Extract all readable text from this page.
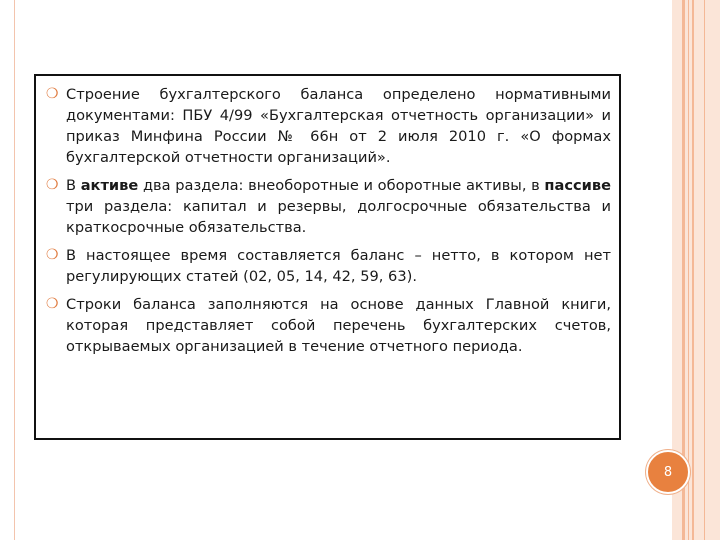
❍ Строение бухгалтерского баланса определено нормативными документами: ПБУ 4/99 «Бухгалтерская отчетность организации» и приказ Минфина России № 66н от 2 июля 2010 г. «О формах бухгалтерской отчетности организаций».
❍ В активе два раздела: внеоборотные и оборотные активы, в пассиве три раздела: капитал и резервы, долгосрочные обязательства и краткосрочные обязательства.
❍ В настоящее время составляется баланс – нетто, в котором нет регулирующих статей (02, 05, 14, 42, 59, 63).
❍ Строки баланса заполняются на основе данных Главной книги, которая представляет собой перечень бухгалтерских счетов, открываемых организацией в течение отчетного периода.
8
